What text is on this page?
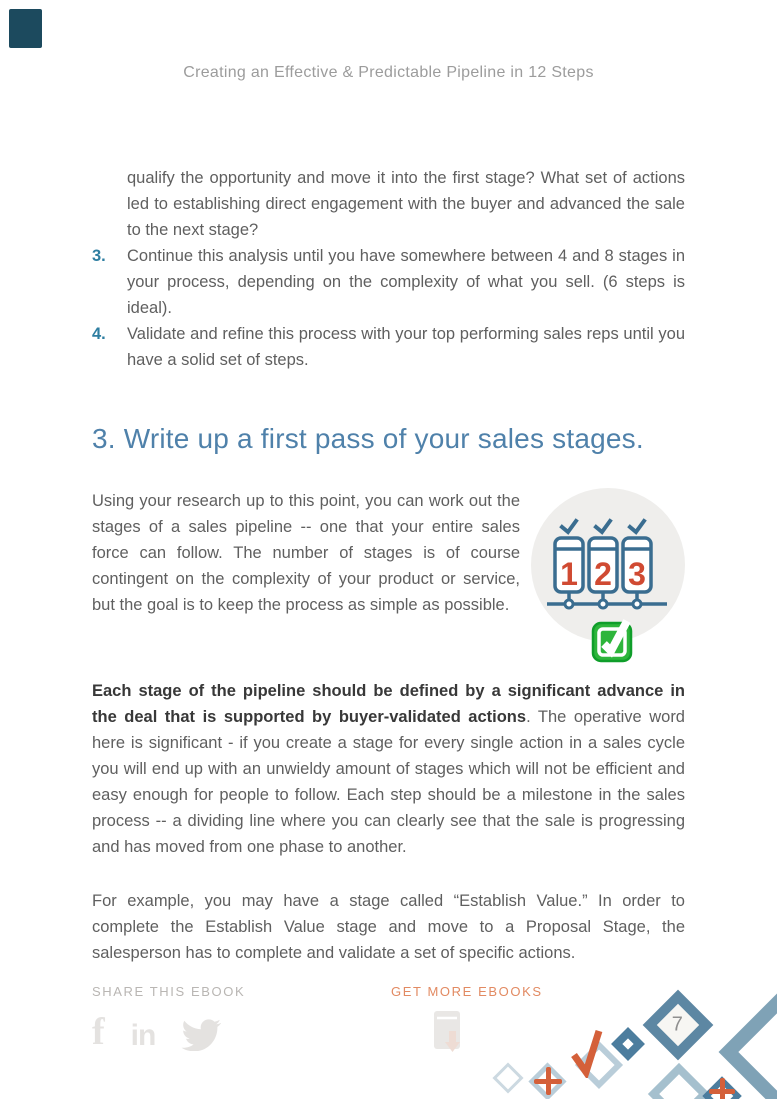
Creating an Effective & Predictable Pipeline in 12 Steps
qualify the opportunity and move it into the first stage? What set of actions led to establishing direct engagement with the buyer and advanced the sale to the next stage?
3.	Continue this analysis until you have somewhere between 4 and 8 stages in your process, depending on the complexity of what you sell. (6 steps is ideal).
4.	Validate and refine this process with your top performing sales reps until you have a solid set of steps.
3. Write up a first pass of your sales stages.
Using your research up to this point, you can work out the stages of a sales pipeline -- one that your entire sales force can follow. The number of stages is of course contingent on the complexity of your product or service, but the goal is to keep the process as simple as possible.
1 2 3
Each stage of the pipeline should be defined by a significant advance in the deal that is supported by buyer-validated actions. The operative word here is significant - if you create a stage for every single action in a sales cycle you will end up with an unwieldy amount of stages which will not be efficient and easy enough for people to follow. Each step should be a milestone in the sales process -- a dividing line where you can clearly see that the sale is progressing and has moved from one phase to another.
For example, you may have a stage called “Establish Value.” In order to complete the Establish Value stage and move to a Proposal Stage, the salesperson has to complete and validate a set of specific actions.
SHARE THIS EBOOK
f in
GET MORE EBOOKS
7
